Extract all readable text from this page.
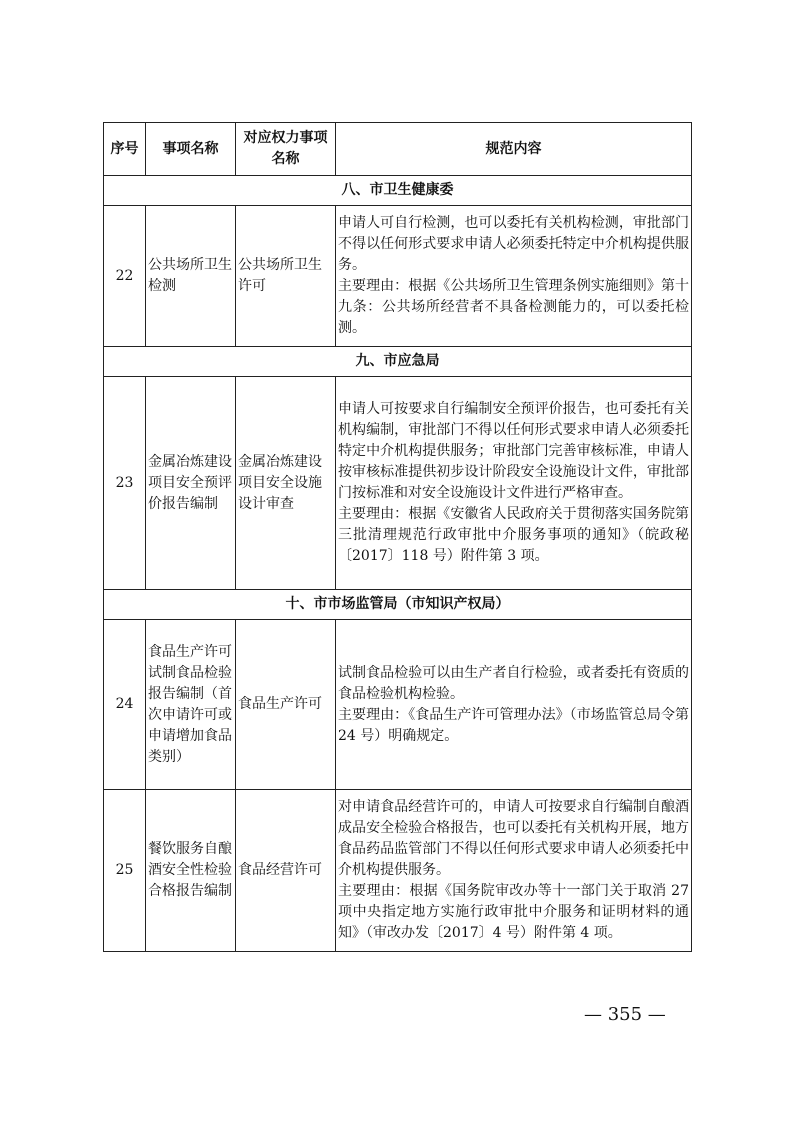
序号	事项名称	对应权力事项名称	规范内容
八、市卫生健康委			
22	公共场所卫生检测	公共场所卫生许可	申请人可自行检测，也可以委托有关机构检测，审批部门不得以任何形式要求申请人必须委托特定中介机构提供服务。
主要理由：根据《公共场所卫生管理条例实施细则》第十九条：公共场所经营者不具备检测能力的，可以委托检测。

九、市应急局			
23	金属冶炼建设项目安全预评价报告编制	金属冶炼建设项目安全设施设计审查	申请人可按要求自行编制安全预评价报告，也可委托有关机构编制，审批部门不得以任何形式要求申请人必须委托特定中介机构提供服务；审批部门完善审核标准，申请人按审核标准提供初步设计阶段安全设施设计文件，审批部门按标准和对安全设施设计文件进行严格审查。
主要理由：根据《安徽省人民政府关于贯彻落实国务院第三批清理规范行政审批中介服务事项的通知》（皖政秘〔2017〕118 号）附件第 3 项。

十、市市场监管局（市知识产权局）			
24	食品生产许可试制食品检验报告编制（首次申请许可或申请增加食品类别）	食品生产许可	试制食品检验可以由生产者自行检验，或者委托有资质的食品检验机构检验。
主要理由：《食品生产许可管理办法》（市场监管总局令第 24 号）明确规定。

25	餐饮服务自酿酒安全性检验合格报告编制	食品经营许可	对申请食品经营许可的，申请人可按要求自行编制自酿酒成品安全检验合格报告，也可以委托有关机构开展，地方食品药品监管部门不得以任何形式要求申请人必须委托中介机构提供服务。
主要理由：根据《国务院审改办等十一部门关于取消 27 项中央指定地方实施行政审批中介服务和证明材料的通知》（审改办发〔2017〕4 号）附件第 4 项。
— 355 —
